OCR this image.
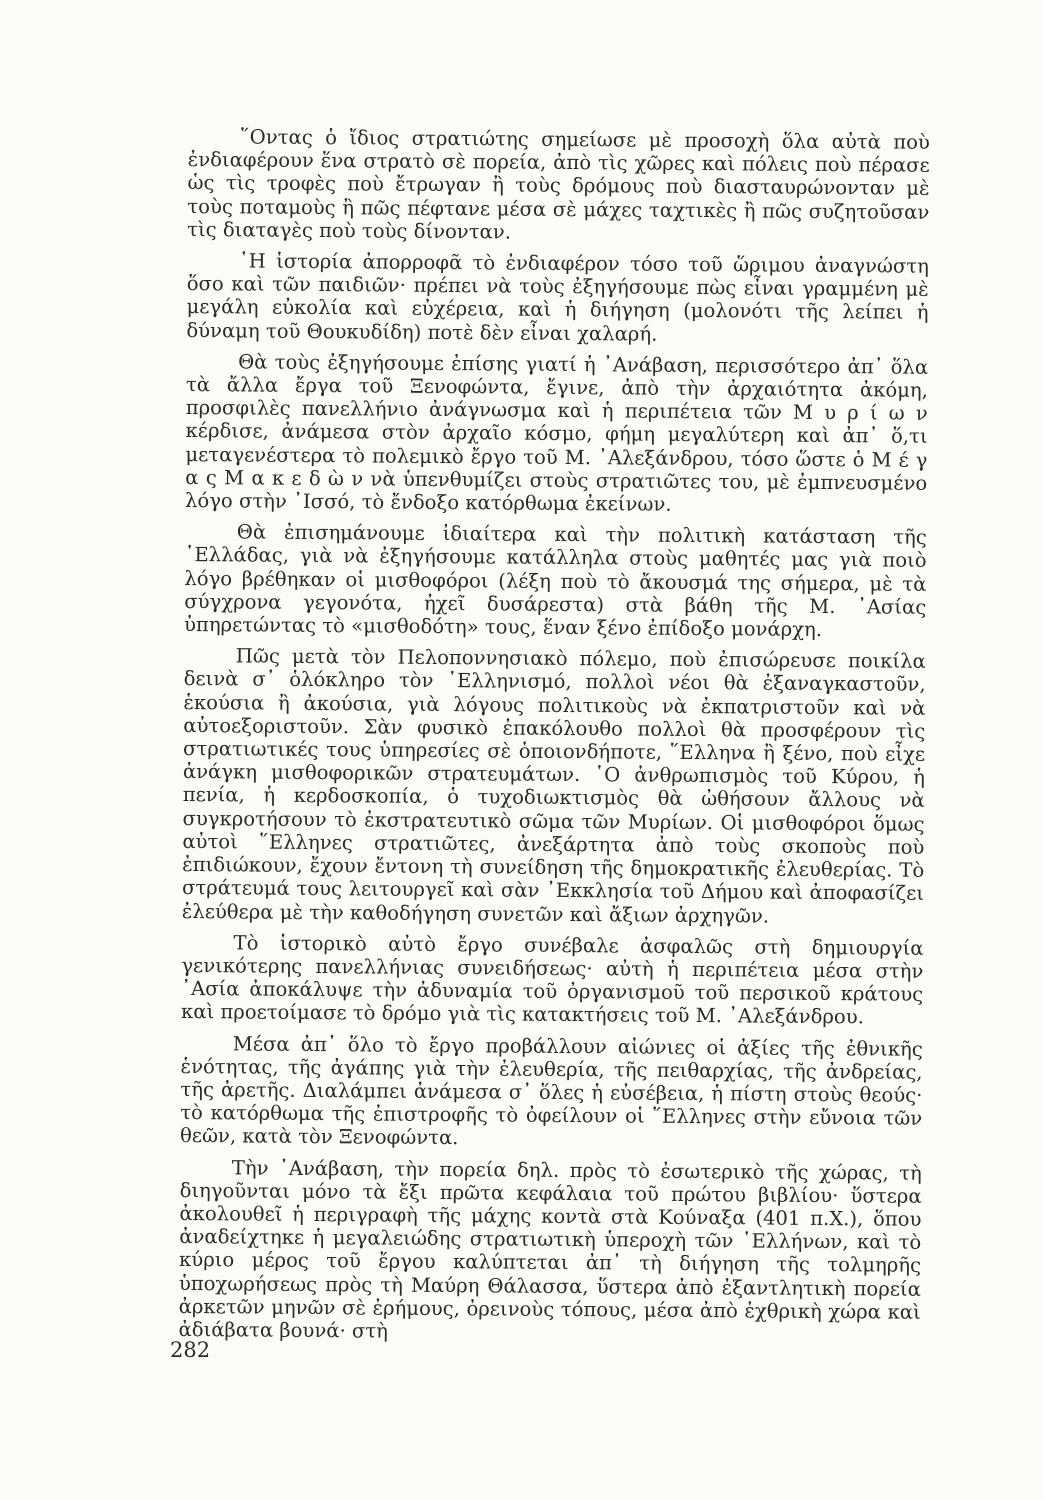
῞Οντας ὁ ἴδιος στρατιώτης σημείωσε μὲ προσοχὴ ὅλα αὐτὰ ποὺ ἐνδιαφέρουν ἕνα στρατὸ σὲ πορεία, ἀπὸ τὶς χῶρες καὶ πόλεις ποὺ πέρασε ὡς τὶς τροφὲς ποὺ ἔτρωγαν ἢ τοὺς δρόμους ποὺ διασταυρώνονταν μὲ τοὺς ποταμοὺς ἢ πῶς πέφτανε μέσα σὲ μάχες ταχτικὲς ἢ πῶς συζητοῦσαν τὶς διαταγὲς ποὺ τοὺς δίνονταν.

῾Η ἱστορία ἀπορροφᾶ τὸ ἐνδιαφέρον τόσο τοῦ ὥριμου ἀναγνώστη ὅσο καὶ τῶν παιδιῶν· πρέπει νὰ τοὺς ἐξηγήσουμε πὼς εἶναι γραμμένη μὲ μεγάλη εὐκολία καὶ εὐχέρεια, καὶ ἡ διήγηση (μολονότι τῆς λείπει ἡ δύναμη τοῦ Θουκυδίδη) ποτὲ δὲν εἶναι χαλαρή.

Θὰ τοὺς ἐξηγήσουμε ἐπίσης γιατί ἡ ᾿Ανάβαση, περισσότερο ἀπ᾿ ὅλα τὰ ἄλλα ἔργα τοῦ Ξενοφώντα, ἔγινε, ἀπὸ τὴν ἀρχαιότητα ἀκόμη, προσφιλὲς πανελλήνιο ἀνάγνωσμα καὶ ἡ περιπέτεια τῶν Μ υ ρ ί ω ν κέρδισε, ἀνάμεσα στὸν ἀρχαῖο κόσμο, φήμη μεγαλύτερη καὶ ἀπ᾿ ὅ,τι μεταγενέστερα τὸ πολεμικὸ ἔργο τοῦ Μ. ᾿Αλεξάνδρου, τόσο ὥστε ὁ Μ έ γ α ς Μ α κ ε δ ὼ ν νὰ ὑπενθυμίζει στοὺς στρατιῶτες του, μὲ ἐμπνευσμένο λόγο στὴν ᾿Ισσό, τὸ ἔνδοξο κατόρθωμα ἐκείνων.

Θὰ ἐπισημάνουμε ἰδιαίτερα καὶ τὴν πολιτικὴ κατάσταση τῆς ῾Ελλάδας, γιὰ νὰ ἐξηγήσουμε κατάλληλα στοὺς μαθητές μας γιὰ ποιὸ λόγο βρέθηκαν οἱ μισθοφόροι (λέξη ποὺ τὸ ἄκουσμά της σήμερα, μὲ τὰ σύγχρονα γεγονότα, ἠχεῖ δυσάρεστα) στὰ βάθη τῆς Μ. ᾿Ασίας ὑπηρετώντας τὸ «μισθοδότη» τους, ἕναν ξένο ἐπίδοξο μονάρχη.

Πῶς μετὰ τὸν Πελοποννησιακὸ πόλεμο, ποὺ ἐπισώρευσε ποικίλα δεινὰ σ᾿ ὁλόκληρο τὸν ῾Ελληνισμό, πολλοὶ νέοι θὰ ἐξαναγκαστοῦν, ἑκούσια ἢ ἀκούσια, γιὰ λόγους πολιτικοὺς νὰ ἐκπατριστοῦν καὶ νὰ αὐτοεξοριστοῦν. Σὰν φυσικὸ ἐπακόλουθο πολλοὶ θὰ προσφέρουν τὶς στρατιωτικές τους ὑπηρεσίες σὲ ὁποιονδήποτε, ῞Ελληνα ἢ ξένο, ποὺ εἶχε ἀνάγκη μισθοφορικῶν στρατευμάτων. ῾Ο ἀνθρωπισμὸς τοῦ Κύρου, ἡ πενία, ἡ κερδοσκοπία, ὁ τυχοδιωκτισμὸς θὰ ὠθήσουν ἄλλους νὰ συγκροτήσουν τὸ ἐκστρατευτικὸ σῶμα τῶν Μυρίων. Οἱ μισθοφόροι ὅμως αὐτοὶ ῞Ελληνες στρατιῶτες, ἀνεξάρτητα ἀπὸ τοὺς σκοποὺς ποὺ ἐπιδιώκουν, ἔχουν ἔντονη τὴ συνείδηση τῆς δημοκρατικῆς ἐλευθερίας. Τὸ στράτευμά τους λειτουργεῖ καὶ σὰν ᾿Εκκλησία τοῦ Δήμου καὶ ἀποφασίζει ἐλεύθερα μὲ τὴν καθοδήγηση συνετῶν καὶ ἄξιων ἀρχηγῶν.

Τὸ ἱστορικὸ αὐτὸ ἔργο συνέβαλε ἀσφαλῶς στὴ δημιουργία γενικότερης πανελλήνιας συνειδήσεως· αὐτὴ ἡ περιπέτεια μέσα στὴν ᾿Ασία ἀποκάλυψε τὴν ἀδυναμία τοῦ ὀργανισμοῦ τοῦ περσικοῦ κράτους καὶ προετοίμασε τὸ δρόμο γιὰ τὶς κατακτήσεις τοῦ Μ. ᾿Αλεξάνδρου.

Μέσα ἀπ᾿ ὅλο τὸ ἔργο προβάλλουν αἰώνιες οἱ ἀξίες τῆς ἐθνικῆς ἑνότητας, τῆς ἀγάπης γιὰ τὴν ἐλευθερία, τῆς πειθαρχίας, τῆς ἀνδρείας, τῆς ἀρετῆς. Διαλάμπει ἀνάμεσα σ᾿ ὅλες ἡ εὐσέβεια, ἡ πίστη στοὺς θεούς· τὸ κατόρθωμα τῆς ἐπιστροφῆς τὸ ὀφείλουν οἱ ῞Ελληνες στὴν εὔνοια τῶν θεῶν, κατὰ τὸν Ξενοφώντα.

Τὴν ᾿Ανάβαση, τὴν πορεία δηλ. πρὸς τὸ ἐσωτερικὸ τῆς χώρας, τὴ διηγοῦνται μόνο τὰ ἔξι πρῶτα κεφάλαια τοῦ πρώτου βιβλίου· ὕστερα ἀκολουθεῖ ἡ περιγραφὴ τῆς μάχης κοντὰ στὰ Κούναξα (401 π.Χ.), ὅπου ἀναδείχτηκε ἡ μεγαλειώδης στρατιωτικὴ ὑπεροχὴ τῶν ῾Ελλήνων, καὶ τὸ κύριο μέρος τοῦ ἔργου καλύπτεται ἀπ᾿ τὴ διήγηση τῆς τολμηρῆς ὑποχωρήσεως πρὸς τὴ Μαύρη Θάλασσα, ὕστερα ἀπὸ ἐξαντλητικὴ πορεία ἀρκετῶν μηνῶν σὲ ἐρήμους, ὀρεινοὺς τόπους, μέσα ἀπὸ ἐχθρικὴ χώρα καὶ ἀδιάβατα βουνά· στὴ

282
